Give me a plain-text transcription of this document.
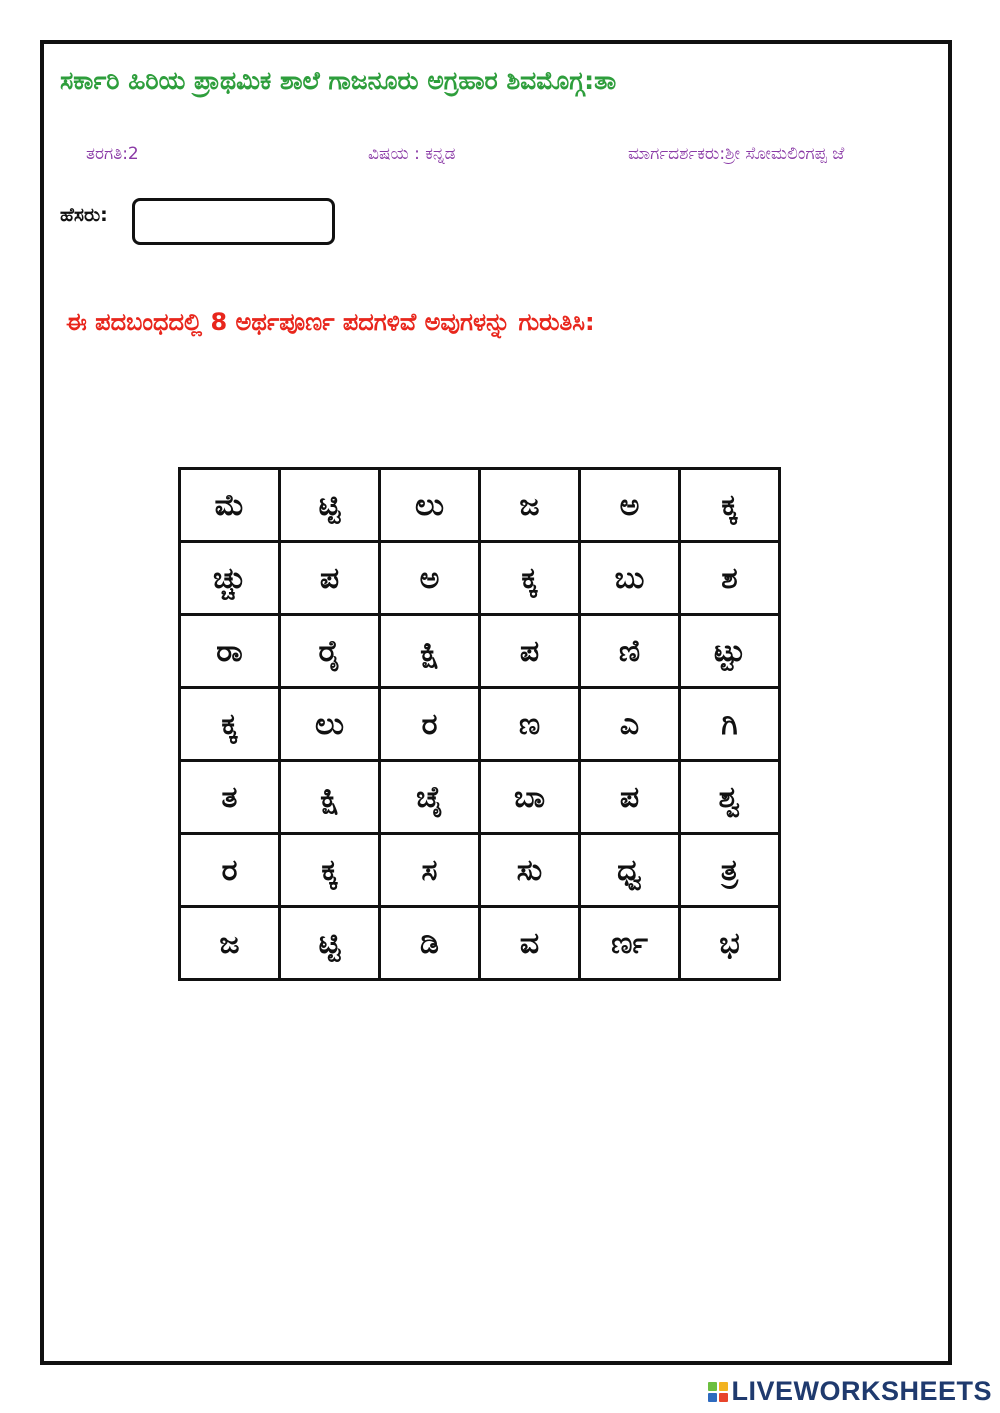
ಸರ್ಕಾರಿ ಹಿರಿಯ ಪ್ರಾಥಮಿಕ ಶಾಲೆ ಗಾಜನೂರು ಅಗ್ರಹಾರ ಶಿವಮೊಗ್ಗ:ತಾ
ತರಗತಿ:2	ವಿಷಯ : ಕನ್ನಡ	ಮಾರ್ಗದರ್ಶಕರು:ಶ್ರೀ ಸೋಮಲಿಂಗಪ್ಪ ಜೆ
ಹೆಸರು:
ಈ ಪದಬಂಧದಲ್ಲಿ 8 ಅರ್ಥಪೂರ್ಣ ಪದಗಳಿವೆ ಅವುಗಳನ್ನು ಗುರುತಿಸಿ:
ಮೆ	ಟ್ಟಿ	ಲು	ಜ	ಅ	ಕ್ಕ
ಚ್ಚು	ಪ	ಅ	ಕ್ಕ	ಬು	ಶ
ರಾ	ರೈ	ಕ್ಷಿ	ಪ	ಣಿ	ಟ್ಟು
ಕ್ಕ	ಲು	ರ	ಣ	ಎ	ಗಿ
ತ	ಕ್ಷಿ	ಚೈ	ಬಾ	ಪ	ಶ್ವ
ರ	ಕ್ಕ	ಸ	ಸು	ಧ್ವ	ತ್ರ
ಜ	ಟ್ಟಿ	ಡಿ	ವ	ರ್ಣ	ಭ
LIVEWORKSHEETS
